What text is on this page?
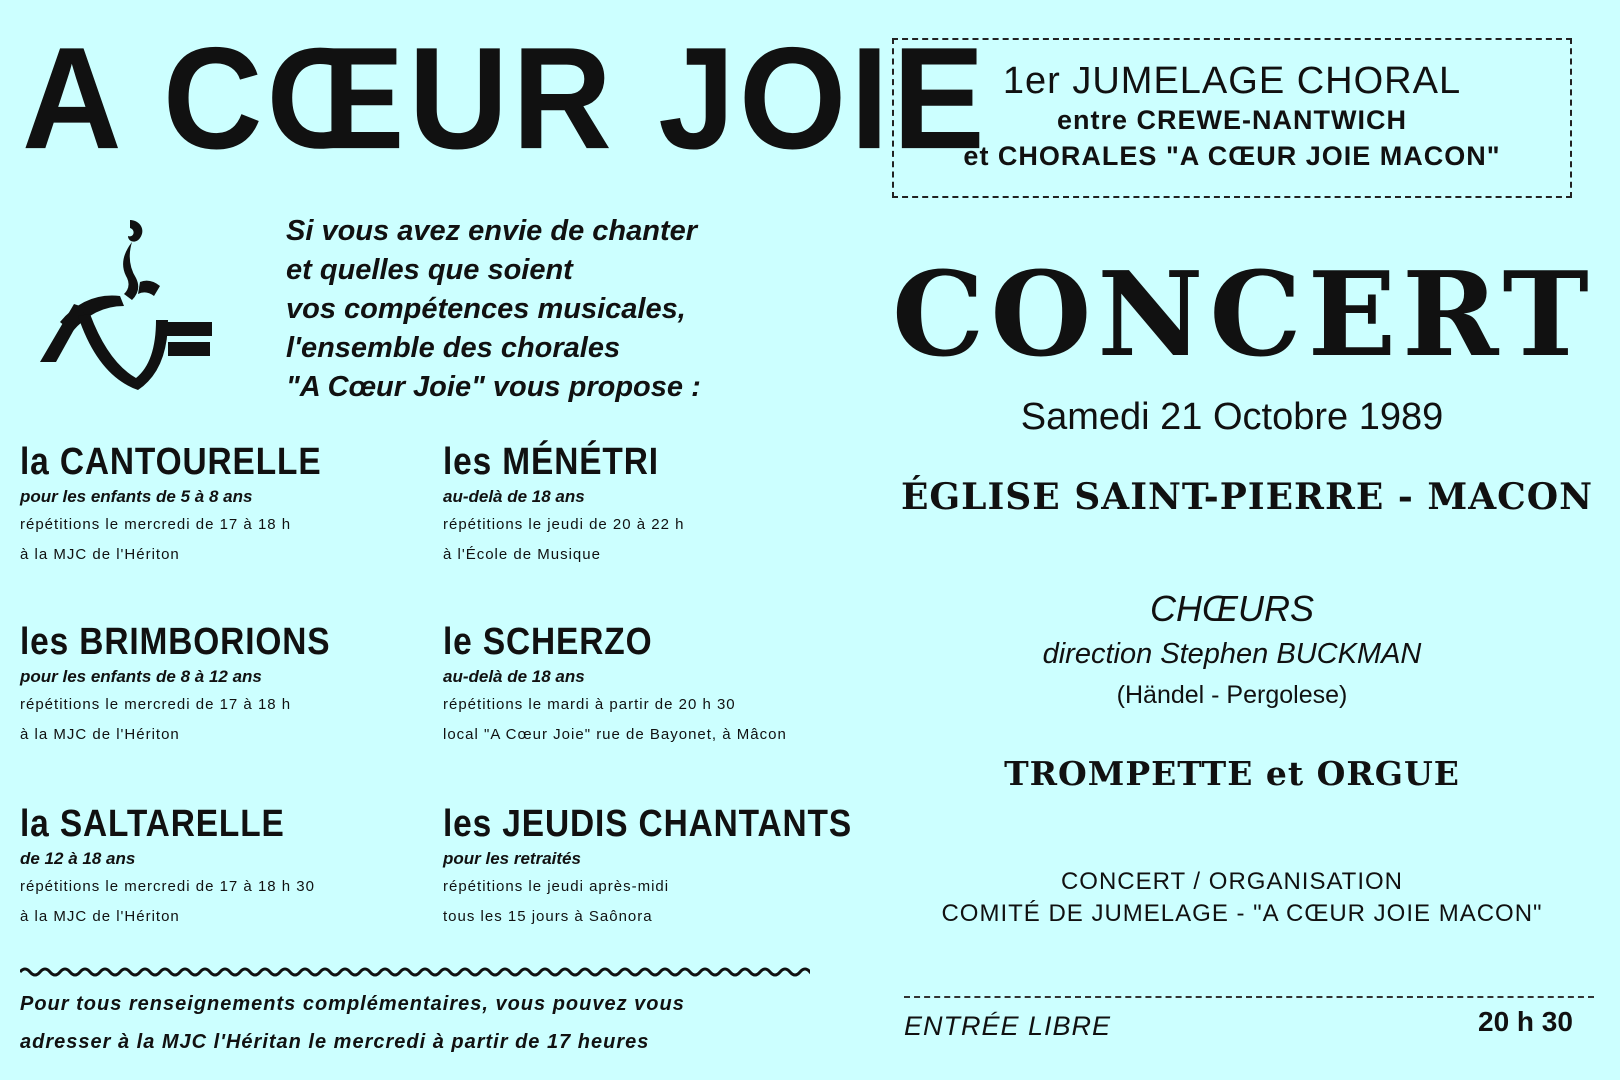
A CŒUR JOIE
Si vous avez envie de chanter
et quelles que soient
vos compétences musicales,
l'ensemble des chorales
"A Cœur Joie" vous propose :
la CANTOURELLE
pour les enfants de 5 à 8 ans
répétitions le mercredi de 17 à 18 h
à la MJC de l'Hériton
les MÉNÉTRI
au-delà de 18 ans
répétitions le jeudi de 20 à 22 h
à l'École de Musique
les BRIMBORIONS
pour les enfants de 8 à 12 ans
répétitions le mercredi de 17 à 18 h
à la MJC de l'Hériton
le SCHERZO
au-delà de 18 ans
répétitions le mardi à partir de 20 h 30
local "A Cœur Joie" rue de Bayonet, à Mâcon
la SALTARELLE
de 12 à 18 ans
répétitions le mercredi de 17 à 18 h 30
à la MJC de l'Hériton
les JEUDIS CHANTANTS
pour les retraités
répétitions le jeudi après-midi
tous les 15 jours à Saônora
Pour tous renseignements complémentaires, vous pouvez vous
adresser à la MJC l'Héritan le mercredi à partir de 17 heures
1er JUMELAGE CHORAL
entre CREWE-NANTWICH
et CHORALES "A CŒUR JOIE MACON"
CONCERT
Samedi 21 Octobre 1989
ÉGLISE SAINT-PIERRE - MACON
CHŒURS
direction Stephen BUCKMAN
(Händel - Pergolese)
TROMPETTE et ORGUE
CONCERT / ORGANISATION
COMITÉ DE JUMELAGE - "A CŒUR JOIE MACON"
ENTRÉE LIBRE	20 h 30
